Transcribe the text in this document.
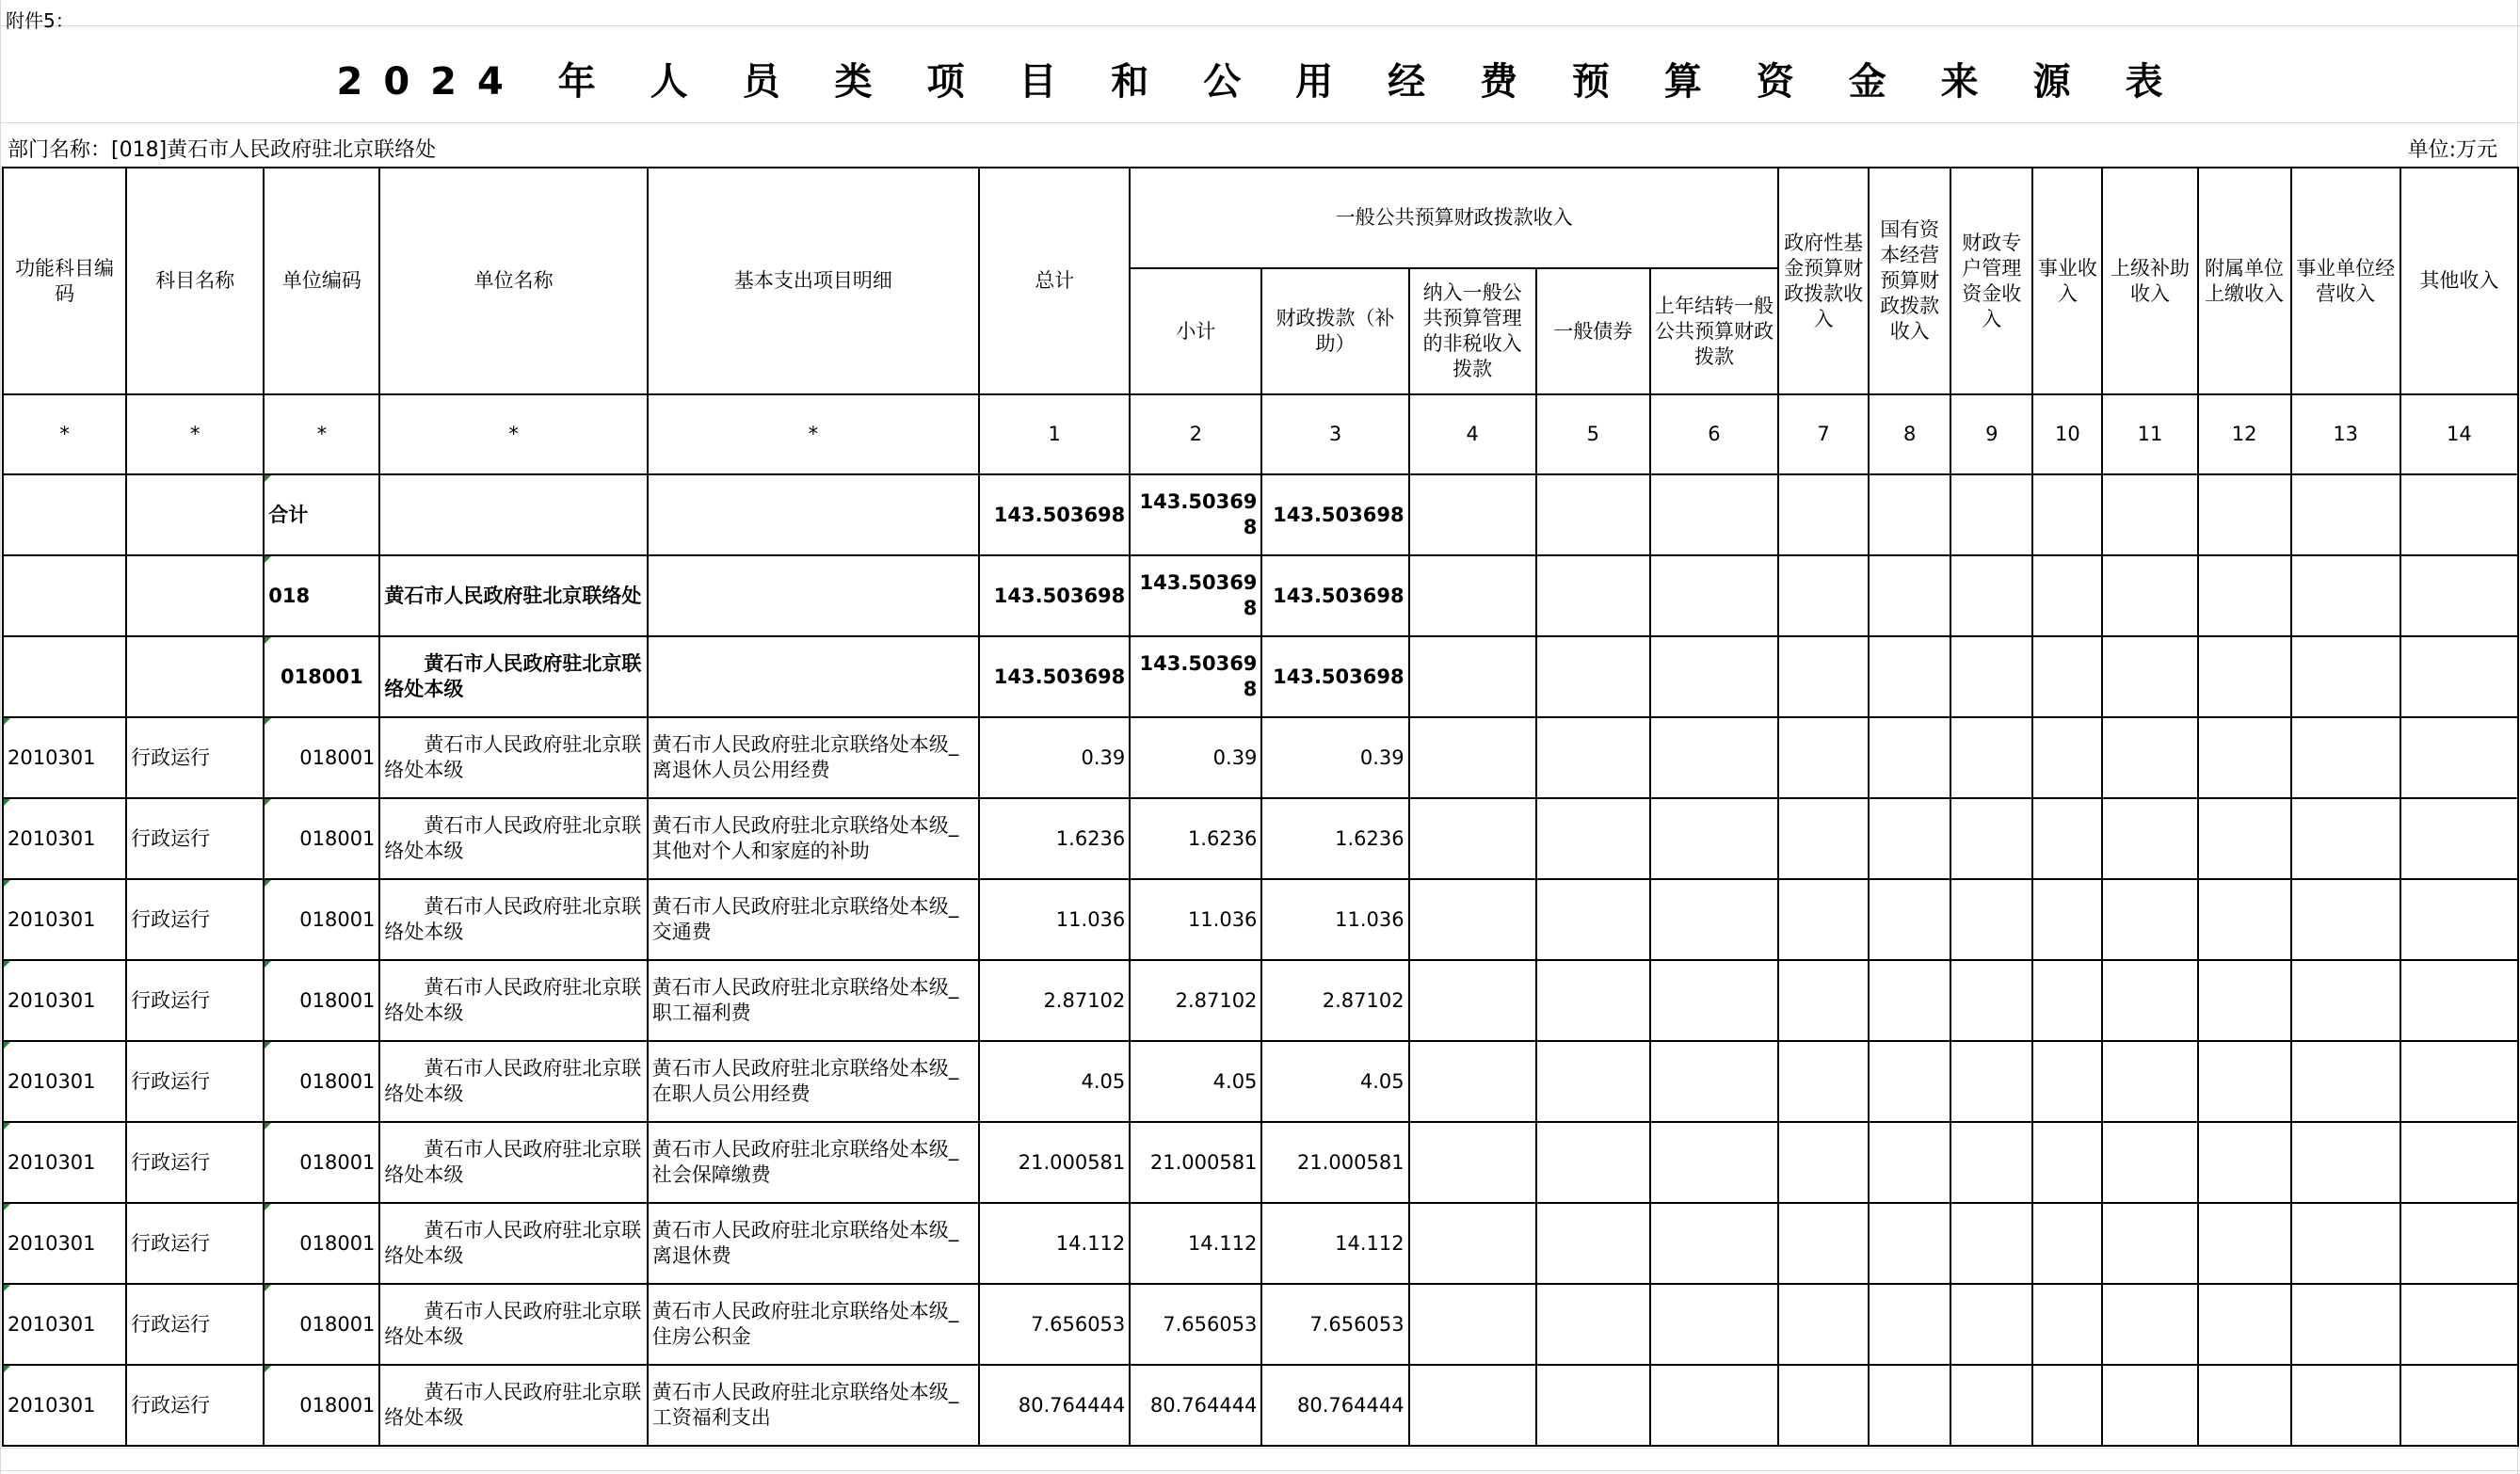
附件5：
2024 年 人 员 类 项 目 和 公 用 经 费 预 算 资 金 来 源 表
部门名称：[018]黄石市人民政府驻北京联络处	单位:万元
功能科目编码	科目名称	单位编码	单位名称	基本支出项目明细	总计	一般公共预算财政拨款收入					政府性基金预算财政拨款收入	国有资本经营预算财政拨款收入	财政专户管理资金收入	事业收入	上级补助收入	附属单位上缴收入	事业单位经营收入	其他收入
						小计	财政拨款（补助）	纳入一般公共预算管理的非税收入拨款	一般债券	上年结转一般公共预算财政拨款								
*	*	*	*	*	1	2	3	4	5	6	7	8	9	10	11	12	13	14
		合计			143.503698	143.503698	143.503698											
		018	黄石市人民政府驻北京联络处		143.503698	143.503698	143.503698											
		018001	黄石市人民政府驻北京联络处本级		143.503698	143.503698	143.503698											
2010301	行政运行	018001	黄石市人民政府驻北京联络处本级	黄石市人民政府驻北京联络处本级_离退休人员公用经费	0.39	0.39	0.39											
2010301	行政运行	018001	黄石市人民政府驻北京联络处本级	黄石市人民政府驻北京联络处本级_其他对个人和家庭的补助	1.6236	1.6236	1.6236											
2010301	行政运行	018001	黄石市人民政府驻北京联络处本级	黄石市人民政府驻北京联络处本级_交通费	11.036	11.036	11.036											
2010301	行政运行	018001	黄石市人民政府驻北京联络处本级	黄石市人民政府驻北京联络处本级_职工福利费	2.87102	2.87102	2.87102											
2010301	行政运行	018001	黄石市人民政府驻北京联络处本级	黄石市人民政府驻北京联络处本级_在职人员公用经费	4.05	4.05	4.05											
2010301	行政运行	018001	黄石市人民政府驻北京联络处本级	黄石市人民政府驻北京联络处本级_社会保障缴费	21.000581	21.000581	21.000581											
2010301	行政运行	018001	黄石市人民政府驻北京联络处本级	黄石市人民政府驻北京联络处本级_离退休费	14.112	14.112	14.112											
2010301	行政运行	018001	黄石市人民政府驻北京联络处本级	黄石市人民政府驻北京联络处本级_住房公积金	7.656053	7.656053	7.656053											
2010301	行政运行	018001	黄石市人民政府驻北京联络处本级	黄石市人民政府驻北京联络处本级_工资福利支出	80.764444	80.764444	80.764444											
